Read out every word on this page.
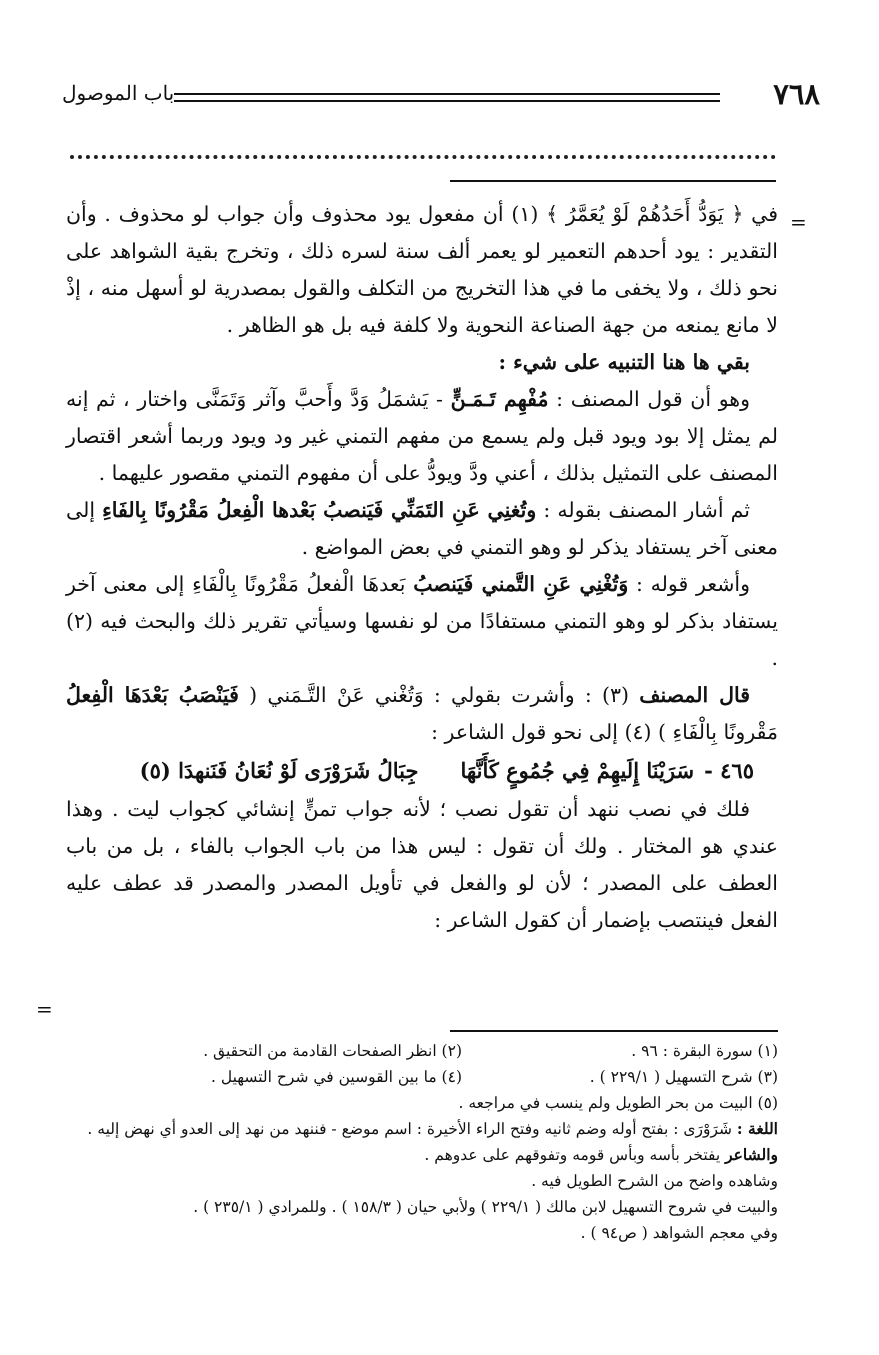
٧٦٨
باب الموصول
=

في ﴿ يَوَدُّ أَحَدُهُمْ لَوْ يُعَمَّرُ ﴾ (١) أن مفعول يود محذوف وأن جواب لو محذوف . وأن التقدير : يود أحدهم التعمير لو يعمر ألف سنة لسره ذلك ، وتخرج بقية الشواهد على نحو ذلك ، ولا يخفى ما في هذا التخريج من التكلف والقول بمصدرية لو أسهل منه ، إذْ لا مانع يمنعه من جهة الصناعة النحوية ولا كلفة فيه بل هو الظاهر .

بقي ها هنا التنبيه على شيء :

وهو أن قول المصنف : مُفْهِم تَـمَـنٍّ - يَشمَلُ وَدَّ وأَحبَّ وآثر وَتَمَنَّى واختار ، ثم إنه لم يمثل إلا بود ويود قبل ولم يسمع من مفهم التمني غير ود ويود وربما أشعر اقتصار المصنف على التمثيل بذلك ، أعني ودَّ ويودُّ على أن مفهوم التمني مقصور عليهما .

ثم أشار المصنف بقوله : وتُغنِي عَنِ التَمَنِّي فَيَنصبُ بَعْدها الْفِعلُ مَقْرُونًا بِالفَاءِ إلى معنى آخر يستفاد يذكر لو وهو التمني في بعض المواضع .

وأشعر قوله : وَتُغْنِي عَنِ التَّمني فَيَنصبُ بَعدهَا الْفعلُ مَقْرُونًا بِالْفَاءِ إلى معنى آخر يستفاد بذكر لو وهو التمني مستفادًا من لو نفسها وسيأتي تقرير ذلك والبحث فيه (٢) .

قال المصنف (٣) : وأشرت بقولي : وَتُغْني عَنْ التَّـمَني ( فَيَنْصَبُ بَعْدَهَا الْفِعلُ مَقْرونًا بِالْفَاءِ ) (٤) إلى نحو قول الشاعر :

٤٦٥ -
سَرَيْنَا إِلَيهِمْ فِي جُمُوعٍ كَأَنَّهَا
جِبَالُ شَرَوْرَى لَوْ نُعَانُ فَنَنهدَا (٥)

فلك في نصب ننهد أن تقول نصب ؛ لأنه جواب تمنٍّ إنشائي كجواب ليت . وهذا عندي هو المختار . ولك أن تقول : ليس هذا من باب الجواب بالفاء ، بل من باب العطف على المصدر ؛ لأن لو والفعل في تأويل المصدر والمصدر قد عطف عليه الفعل فينتصب بإضمار أن كقول الشاعر :

=
(١) سورة البقرة : ٩٦ .
(٢) انظر الصفحات القادمة من التحقيق .
(٣) شرح التسهيل ( ٢٢٩/١ ) .
(٤) ما بين القوسين في شرح التسهيل .

(٥) البيت من بحر الطويل ولم ينسب في مراجعه .

اللغة : شَرَوْرَى : بفتح أوله وضم ثانيه وفتح الراء الأخيرة : اسم موضع - فننهد من نهد إلى العدو أي نهض إليه .

والشاعر يفتخر بأسه وبأس قومه وتفوقهم على عدوهم .

وشاهده واضح من الشرح الطويل فيه .

والبيت في شروح التسهيل لابن مالك ( ٢٢٩/١ ) ولأبي حيان ( ١٥٨/٣ ) . وللمرادي ( ٢٣٥/١ ) .

وفي معجم الشواهد ( ص٩٤ ) .
